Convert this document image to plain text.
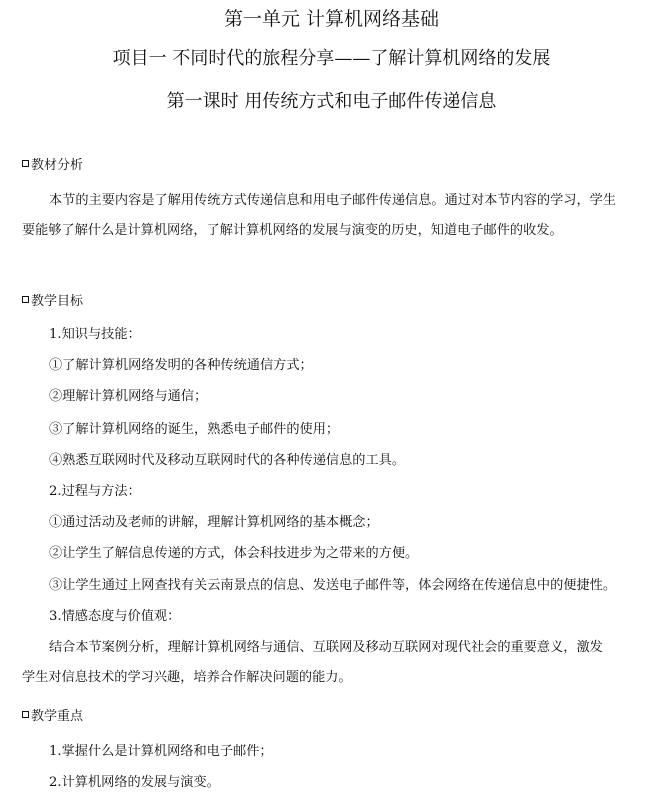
第一单元 计算机网络基础
项目一 不同时代的旅程分享——了解计算机网络的发展
第一课时 用传统方式和电子邮件传递信息
教材分析
本节的主要内容是了解用传统方式传递信息和用电子邮件传递信息。通过对本节内容的学习，学生
要能够了解什么是计算机网络，了解计算机网络的发展与演变的历史，知道电子邮件的收发。
教学目标
1.知识与技能：
①了解计算机网络发明的各种传统通信方式；
②理解计算机网络与通信；
③了解计算机网络的诞生，熟悉电子邮件的使用；
④熟悉互联网时代及移动互联网时代的各种传递信息的工具。
2.过程与方法：
①通过活动及老师的讲解，理解计算机网络的基本概念；
②让学生了解信息传递的方式，体会科技进步为之带来的方便。
③让学生通过上网查找有关云南景点的信息、发送电子邮件等，体会网络在传递信息中的便捷性。
3.情感态度与价值观：
结合本节案例分析，理解计算机网络与通信、互联网及移动互联网对现代社会的重要意义，激发
学生对信息技术的学习兴趣，培养合作解决问题的能力。
教学重点
1.掌握什么是计算机网络和电子邮件；
2.计算机网络的发展与演变。
